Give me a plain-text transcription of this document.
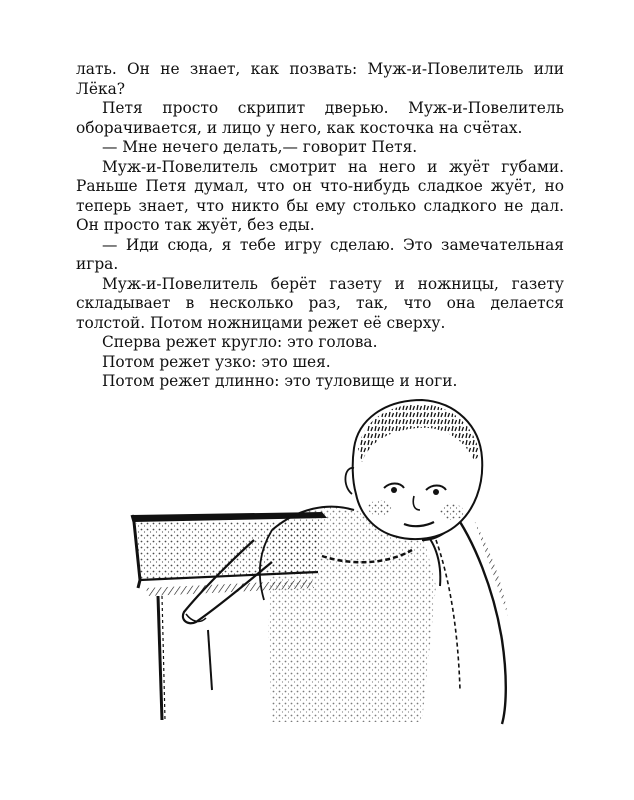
лать. Он не знает, как позвать: Муж-и-Повелитель или Лёка?

Петя просто скрипит дверью. Муж-и-Повелитель оборачивается, и лицо у него, как косточка на счётах.

— Мне нечего делать,— говорит Петя.

Муж-и-Повелитель смотрит на него и жуёт губами. Раньше Петя думал, что он что-нибудь сладкое жуёт, но теперь знает, что никто бы ему столько сладкого не дал. Он просто так жуёт, без еды.

— Иди сюда, я тебе игру сделаю. Это замечательная игра.

Муж-и-Повелитель берёт газету и ножницы, газету складывает в несколько раз, так, что она делается толстой. Потом ножницами режет её сверху.

Сперва режет кругло: это голова.

Потом режет узко: это шея.

Потом режет длинно: это туловище и ноги.
